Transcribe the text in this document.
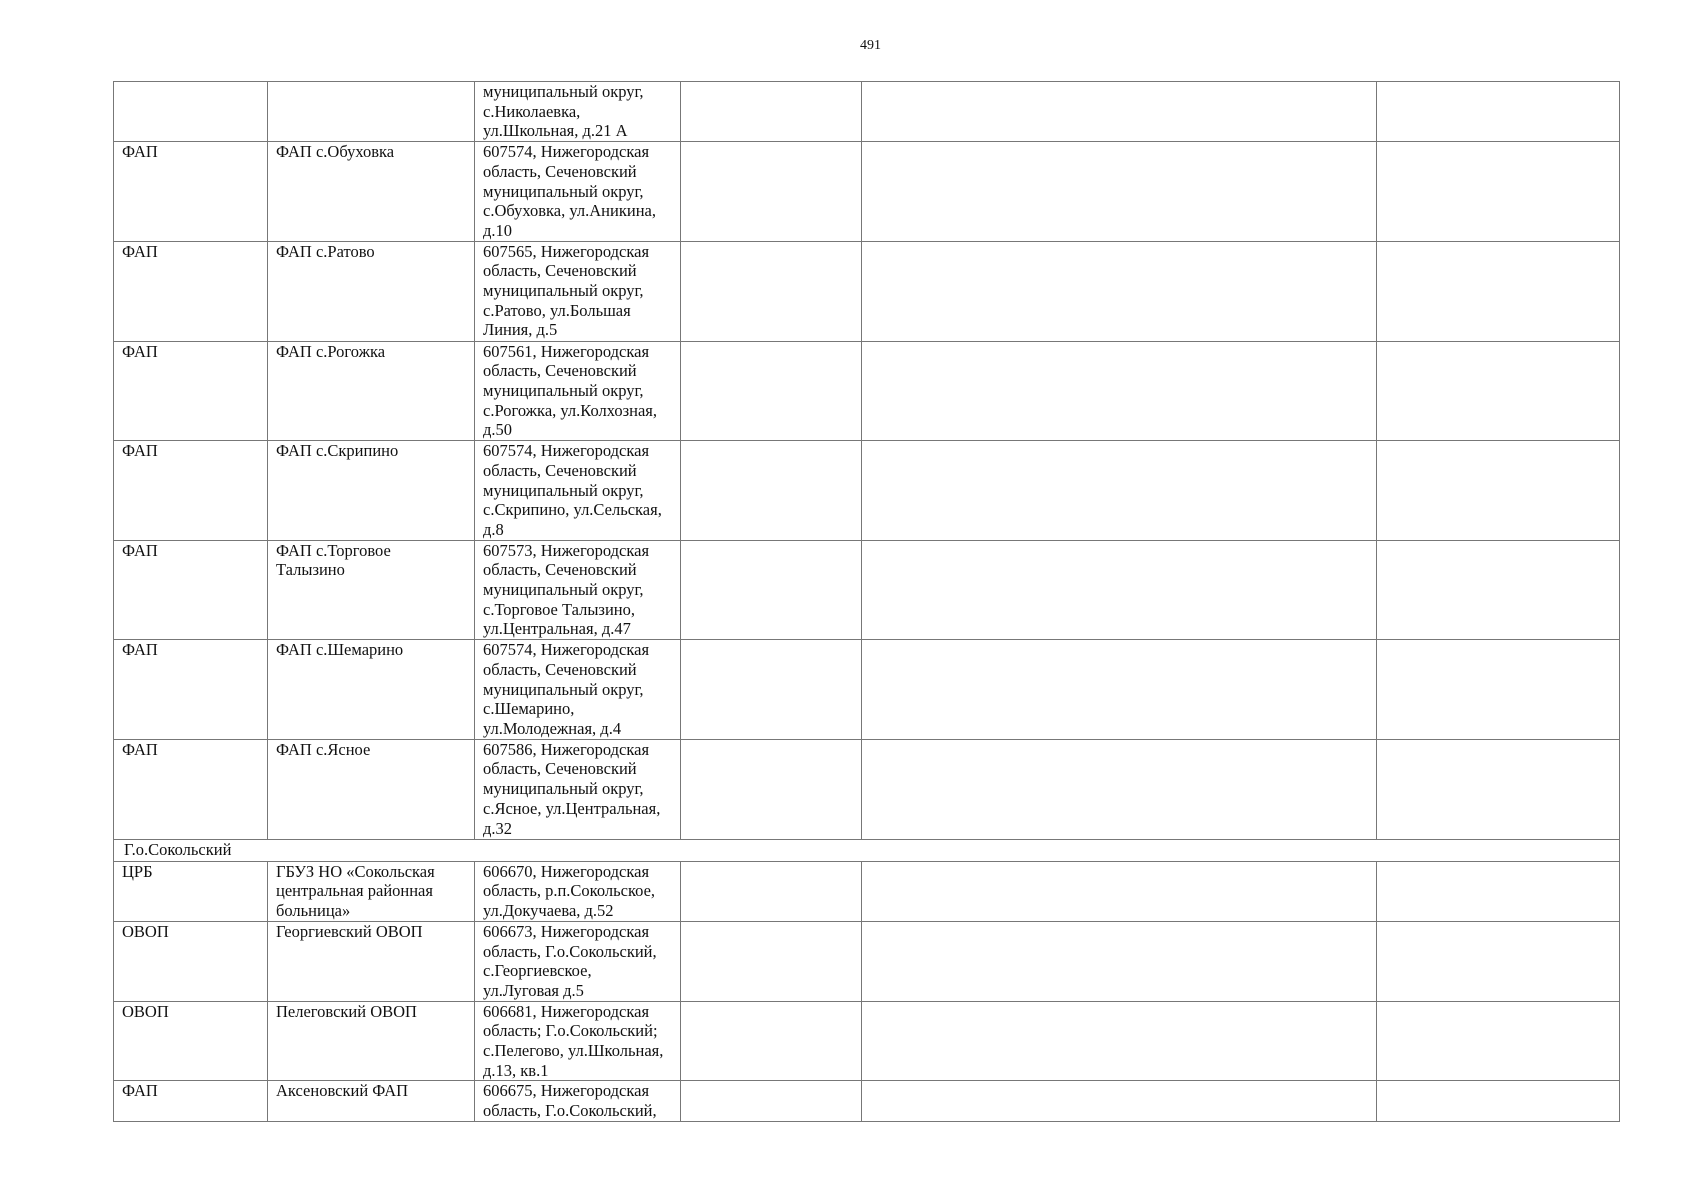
491
		муниципальный округ,
с.Николаевка,
ул.Школьная, д.21 А			
ФАП	ФАП с.Обуховка	607574, Нижегородская
область, Сеченовский
муниципальный округ,
с.Обуховка, ул.Аникина,
д.10			
ФАП	ФАП с.Ратово	607565, Нижегородская
область, Сеченовский
муниципальный округ,
с.Ратово, ул.Большая
Линия, д.5			
ФАП	ФАП с.Рогожка	607561, Нижегородская
область, Сеченовский
муниципальный округ,
с.Рогожка, ул.Колхозная,
д.50			
ФАП	ФАП с.Скрипино	607574, Нижегородская
область, Сеченовский
муниципальный округ,
с.Скрипино, ул.Сельская,
д.8			
ФАП	ФАП с.Торговое
Талызино	607573, Нижегородская
область, Сеченовский
муниципальный округ,
с.Торговое Талызино,
ул.Центральная, д.47			
ФАП	ФАП с.Шемарино	607574, Нижегородская
область, Сеченовский
муниципальный округ,
с.Шемарино,
ул.Молодежная, д.4			
ФАП	ФАП с.Ясное	607586, Нижегородская
область, Сеченовский
муниципальный округ,
с.Ясное, ул.Центральная,
д.32			
Г.о.Сокольский					
ЦРБ	ГБУЗ НО «Сокольская
центральная районная
больница»	606670, Нижегородская
область, р.п.Сокольское,
ул.Докучаева, д.52			
ОВОП	Георгиевский ОВОП	606673, Нижегородская
область, Г.о.Сокольский,
с.Георгиевское,
ул.Луговая д.5			
ОВОП	Пелеговский ОВОП	606681, Нижегородская
область; Г.о.Сокольский;
с.Пелегово, ул.Школьная,
д.13, кв.1			
ФАП	Аксеновский ФАП	606675, Нижегородская
область, Г.о.Сокольский,			
